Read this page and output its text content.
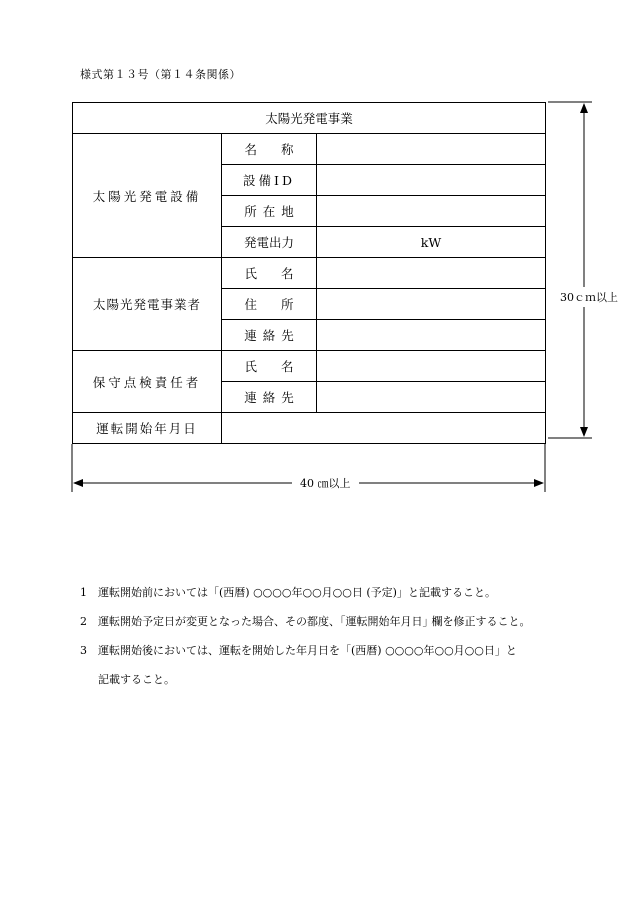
様式第１３号（第１４条関係）
太陽光発電事業		
太陽光発電設備	名称	
	設備ID	
	所在地	
	発電出力	kW
太陽光発電事業者	氏名	
	住所	
	連絡先	
保守点検責任者	氏名	
	連絡先	
運転開始年月日		
30ｃｍ以上
40 ㎝以上
1 運転開始前においては「(西暦) ○○○○年○○月○○日 (予定)」と記載すること。
2 運転開始予定日が変更となった場合、その都度、｢運転開始年月日｣ 欄を修正すること。
3 運転開始後においては、運転を開始した年月日を「(西暦) ○○○○年○○月○○日」と
記載すること。
